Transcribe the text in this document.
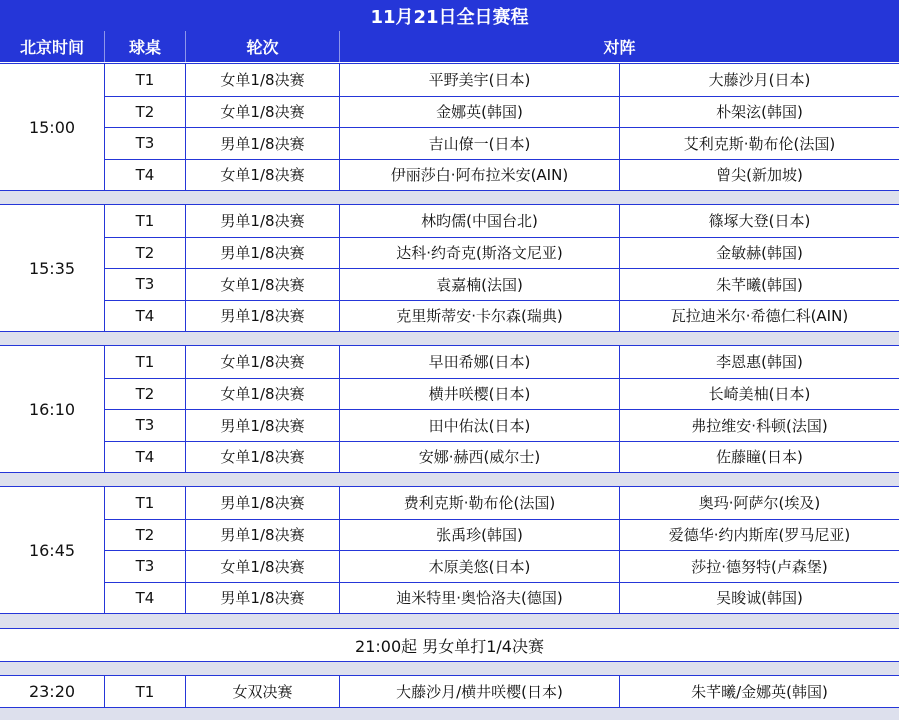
11月21日全日赛程
北京时间	球桌	轮次	对阵
15:00
T1	女单1/8决赛	平野美宇(日本)	大藤沙月(日本)
T2	女单1/8决赛	金娜英(韩国)	朴架泫(韩国)
T3	男单1/8决赛	吉山僚一(日本)	艾利克斯·勒布伦(法国)
T4	女单1/8决赛	伊丽莎白·阿布拉米安(AIN)	曾尖(新加坡)
15:35
T1	男单1/8决赛	林昀儒(中国台北)	篠塚大登(日本)
T2	男单1/8决赛	达科·约奇克(斯洛文尼亚)	金敏赫(韩国)
T3	女单1/8决赛	袁嘉楠(法国)	朱芊曦(韩国)
T4	男单1/8决赛	克里斯蒂安·卡尔森(瑞典)	瓦拉迪米尔·希德仁科(AIN)
16:10
T1	女单1/8决赛	早田希娜(日本)	李恩惠(韩国)
T2	女单1/8决赛	横井咲樱(日本)	长崎美柚(日本)
T3	男单1/8决赛	田中佑汰(日本)	弗拉维安·科顿(法国)
T4	女单1/8决赛	安娜·赫西(威尔士)	佐藤瞳(日本)
16:45
T1	男单1/8决赛	费利克斯·勒布伦(法国)	奥玛·阿萨尔(埃及)
T2	男单1/8决赛	张禹珍(韩国)	爱德华·约内斯库(罗马尼亚)
T3	女单1/8决赛	木原美悠(日本)	莎拉·德努特(卢森堡)
T4	男单1/8决赛	迪米特里·奥恰洛夫(德国)	吴晙诚(韩国)
21:00起 男女单打1/4决赛
23:20	T1	女双决赛	大藤沙月/横井咲樱(日本)	朱芊曦/金娜英(韩国)
